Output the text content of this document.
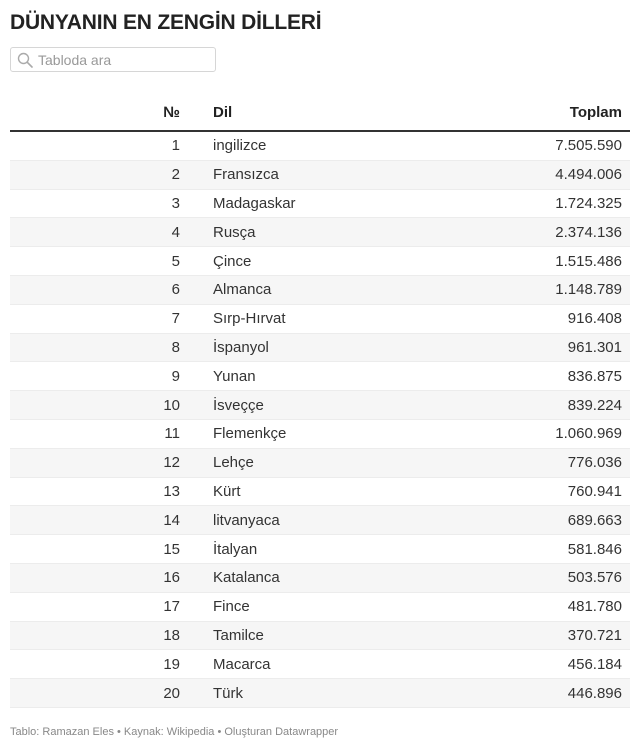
DÜNYANIN EN ZENGİN DİLLERİ
Tabloda ara
№	Dil	Toplam
1	ingilizce	7.505.590
2	Fransızca	4.494.006
3	Madagaskar	1.724.325
4	Rusça	2.374.136
5	Çince	1.515.486
6	Almanca	1.148.789
7	Sırp-Hırvat	916.408
8	İspanyol	961.301
9	Yunan	836.875
10	İsveççe	839.224
11	Flemenkçe	1.060.969
12	Lehçe	776.036
13	Kürt	760.941
14	litvanyaca	689.663
15	İtalyan	581.846
16	Katalanca	503.576
17	Fince	481.780
18	Tamilce	370.721
19	Macarca	456.184
20	Türk	446.896
Tablo: Ramazan Eles • Kaynak: Wikipedia • Oluşturan Datawrapper
